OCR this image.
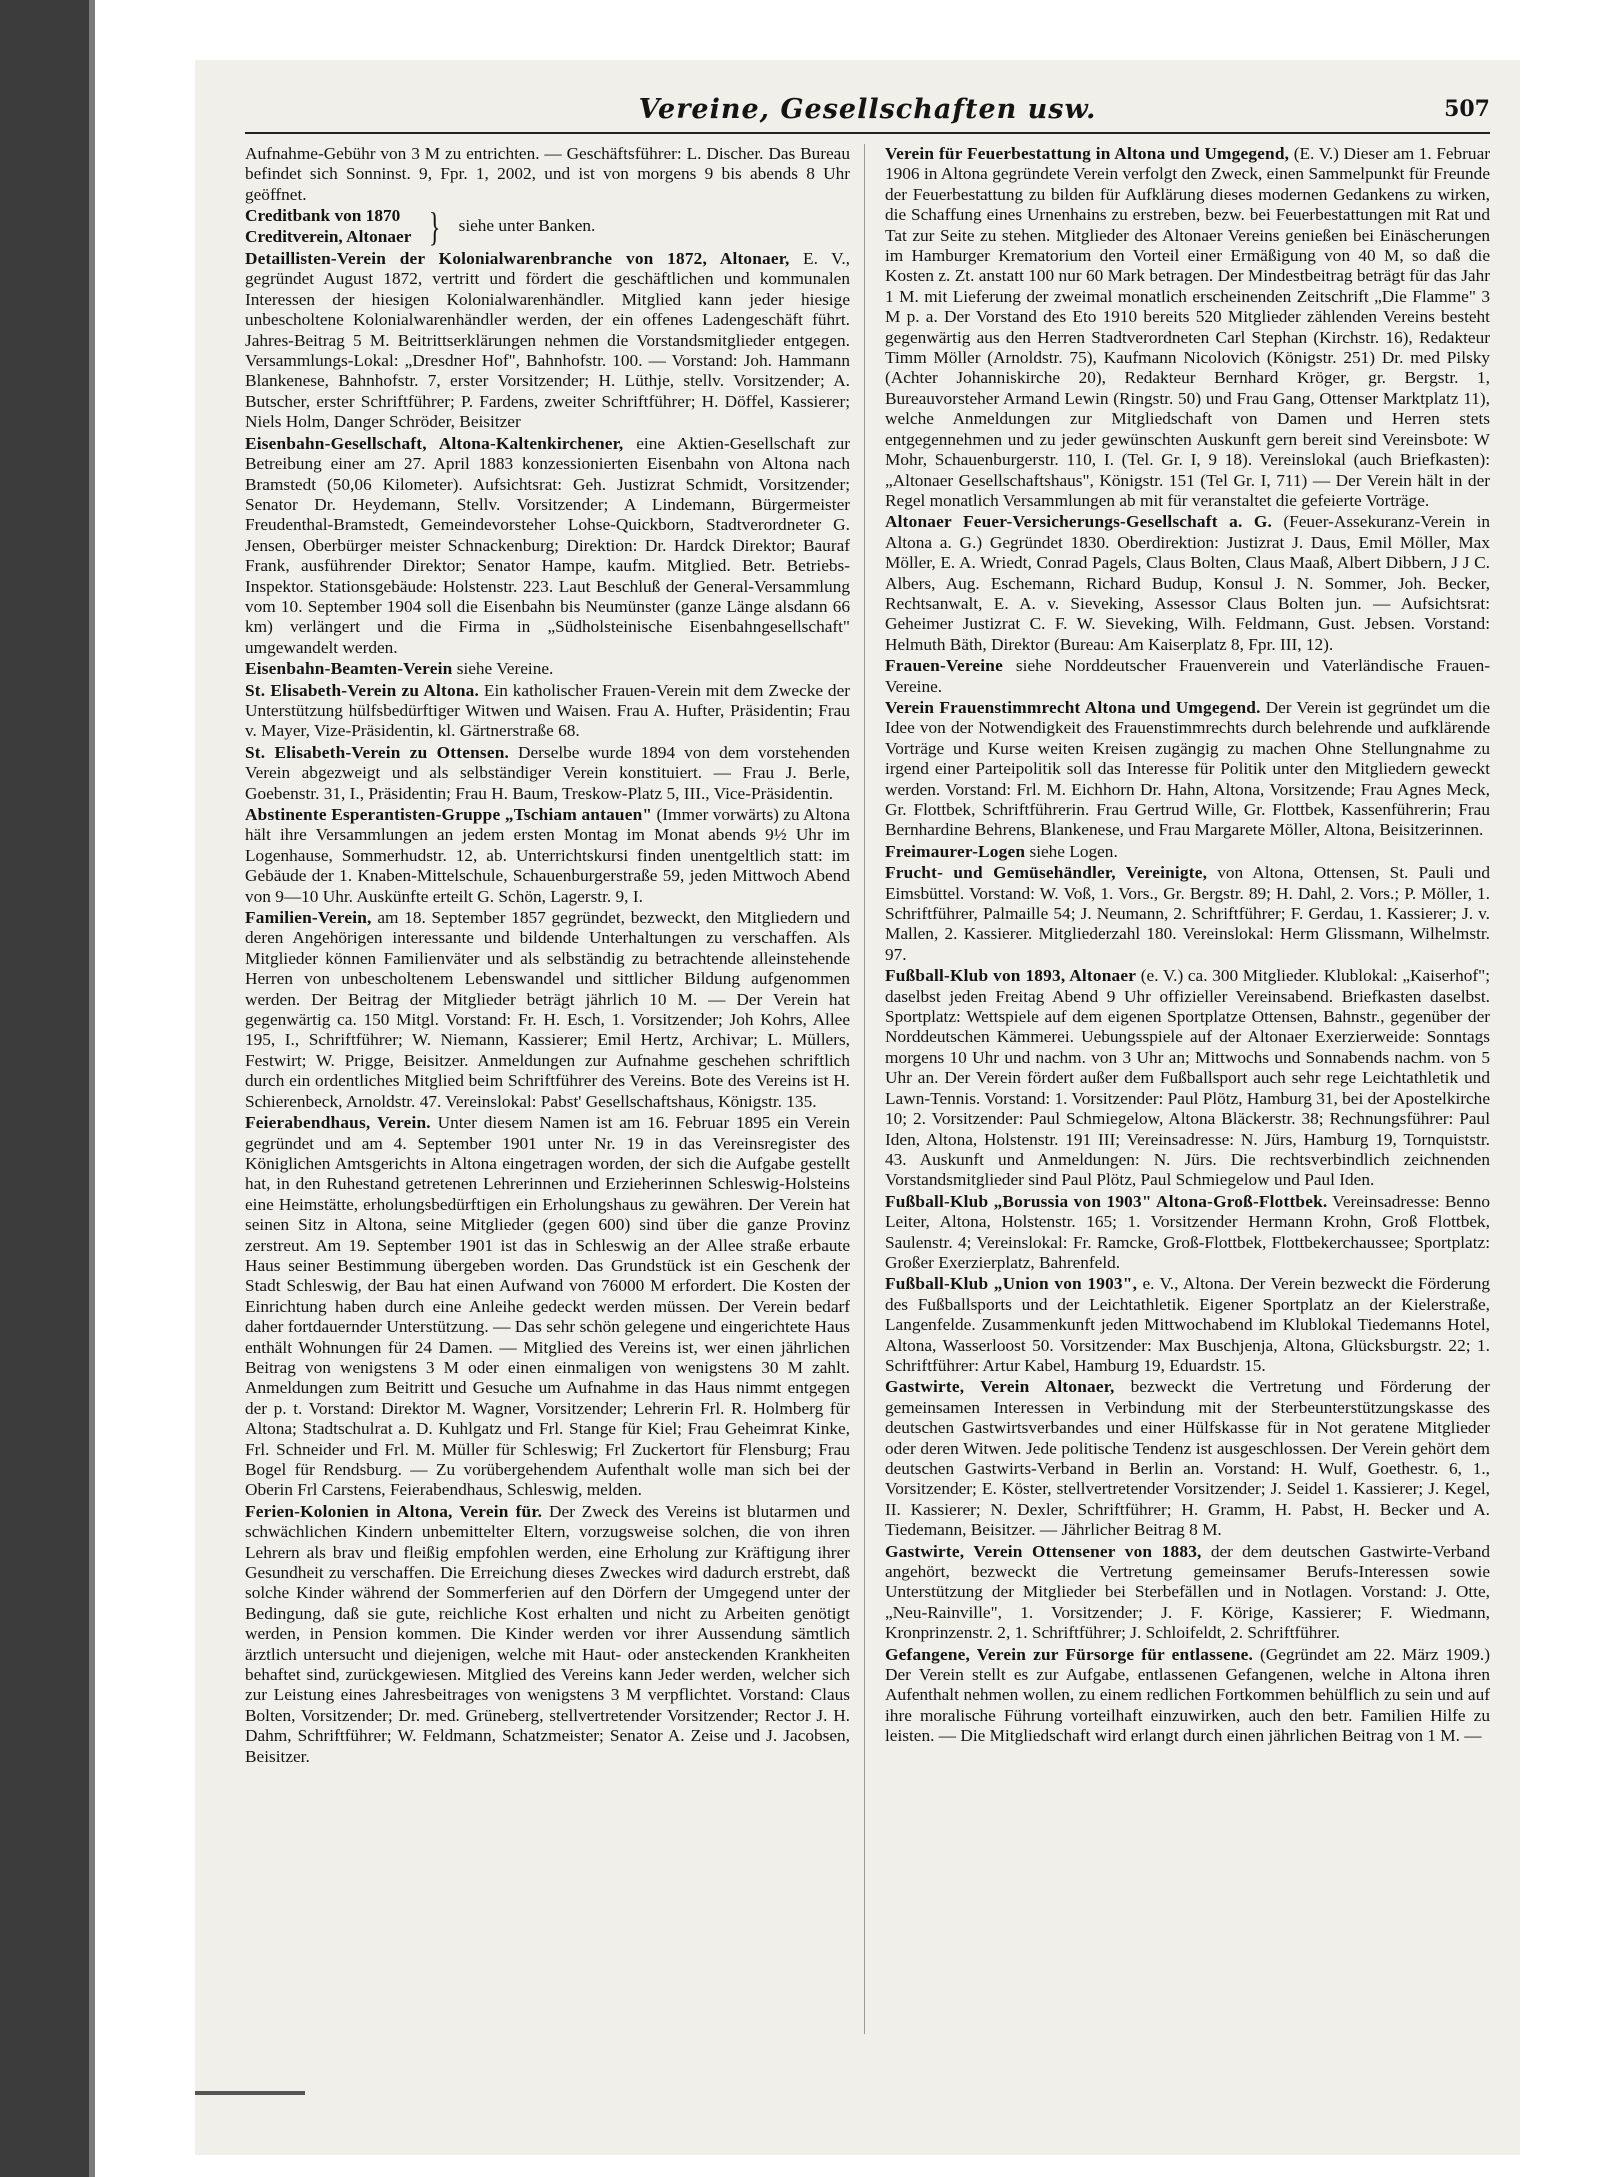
Vereine, Gesellschaften usw.	507

Aufnahme-Gebühr von 3 M zu entrichten. — Geschäftsführer: L. Discher. Das Bureau befindet sich Sonninst. 9, Fpr. 1, 2002, und ist von morgens 9 bis abends 8 Uhr geöffnet.

Creditbank von 1870
Creditverein, Altonaer } siehe unter Banken.

Detaillisten-Verein der Kolonialwarenbranche von 1872, Altonaer, E. V., gegründet August 1872, vertritt und fördert die geschäftlichen und kommunalen Interessen der hiesigen Kolonialwarenhändler. Mitglied kann jeder hiesige unbescholtene Kolonialwarenhändler werden, der ein offenes Ladengeschäft führt. Jahres-Beitrag 5 M. Beitrittserklärungen nehmen die Vorstandsmitglieder entgegen. Versammlungs-Lokal: „Dresdner Hof", Bahnhofstr. 100. — Vorstand: Joh. Hammann Blankenese, Bahnhofstr. 7, erster Vorsitzender; H. Lüthje, stellv. Vorsitzender; A. Butscher, erster Schriftführer; P. Fardens, zweiter Schriftführer; H. Döffel, Kassierer; Niels Holm, Danger Schröder, Beisitzer

Eisenbahn-Gesellschaft, Altona-Kaltenkirchener, eine Aktien-Gesellschaft zur Betreibung einer am 27. April 1883 konzessionierten Eisenbahn von Altona nach Bramstedt (50,06 Kilometer). Aufsichtsrat: Geh. Justizrat Schmidt, Vorsitzender; Senator Dr. Heydemann, Stellv. Vorsitzender; A Lindemann, Bürgermeister Freudenthal-Bramstedt, Gemeindevorsteher Lohse-Quickborn, Stadtverordneter G. Jensen, Oberbürger meister Schnackenburg; Direktion: Dr. Hardck Direktor; Bauraf Frank, ausführender Direktor; Senator Hampe, kaufm. Mitglied. Betr. Betriebs-Inspektor. Stationsgebäude: Holstenstr. 223. Laut Beschluß der General-Versammlung vom 10. September 1904 soll die Eisenbahn bis Neumünster (ganze Länge alsdann 66 km) verlängert und die Firma in „Südholsteinische Eisenbahngesellschaft" umgewandelt werden.

Eisenbahn-Beamten-Verein siehe Vereine.

St. Elisabeth-Verein zu Altona. Ein katholischer Frauen-Verein mit dem Zwecke der Unterstützung hülfsbedürftiger Witwen und Waisen. Frau A. Hufter, Präsidentin; Frau v. Mayer, Vize-Präsidentin, kl. Gärtnerstraße 68.

St. Elisabeth-Verein zu Ottensen. Derselbe wurde 1894 von dem vorstehenden Verein abgezweigt und als selbständiger Verein konstituiert. — Frau J. Berle, Goebenstr. 31, I., Präsidentin; Frau H. Baum, Treskow-Platz 5, III., Vice-Präsidentin.

Abstinente Esperantisten-Gruppe „Tschiam antauen" (Immer vorwärts) zu Altona hält ihre Versammlungen an jedem ersten Montag im Monat abends 9½ Uhr im Logenhause, Sommerhudstr. 12, ab. Unterrichtskursi finden unentgeltlich statt: im Gebäude der 1. Knaben-Mittelschule, Schauenburgerstraße 59, jeden Mittwoch Abend von 9—10 Uhr. Auskünfte erteilt G. Schön, Lagerstr. 9, I.

Familien-Verein, am 18. September 1857 gegründet, bezweckt, den Mitgliedern und deren Angehörigen interessante und bildende Unterhaltungen zu verschaffen. Als Mitglieder können Familienväter und als selbständig zu betrachtende alleinstehende Herren von unbescholtenem Lebenswandel und sittlicher Bildung aufgenommen werden. Der Beitrag der Mitglieder beträgt jährlich 10 M. — Der Verein hat gegenwärtig ca. 150 Mitgl. Vorstand: Fr. H. Esch, 1. Vorsitzender; Joh Kohrs, Allee 195, I., Schriftführer; W. Niemann, Kassierer; Emil Hertz, Archivar; L. Müllers, Festwirt; W. Prigge, Beisitzer. Anmeldungen zur Aufnahme geschehen schriftlich durch ein ordentliches Mitglied beim Schriftführer des Vereins. Bote des Vereins ist H. Schierenbeck, Arnoldstr. 47. Vereinslokal: Pabst' Gesellschaftshaus, Königstr. 135.

Feierabendhaus, Verein. Unter diesem Namen ist am 16. Februar 1895 ein Verein gegründet und am 4. September 1901 unter Nr. 19 in das Vereinsregister des Königlichen Amtsgerichts in Altona eingetragen worden, der sich die Aufgabe gestellt hat, in den Ruhestand getretenen Lehrerinnen und Erzieherinnen Schleswig-Holsteins eine Heimstätte, erholungsbedürftigen ein Erholungshaus zu gewähren. Der Verein hat seinen Sitz in Altona, seine Mitglieder (gegen 600) sind über die ganze Provinz zerstreut. Am 19. September 1901 ist das in Schleswig an der Allee straße erbaute Haus seiner Bestimmung übergeben worden. Das Grundstück ist ein Geschenk der Stadt Schleswig, der Bau hat einen Aufwand von 76000 M erfordert. Die Kosten der Einrichtung haben durch eine Anleihe gedeckt werden müssen. Der Verein bedarf daher fortdauernder Unterstützung. — Das sehr schön gelegene und eingerichtete Haus enthält Wohnungen für 24 Damen. — Mitglied des Vereins ist, wer einen jährlichen Beitrag von wenigstens 3 M oder einen einmaligen von wenigstens 30 M zahlt. Anmeldungen zum Beitritt und Gesuche um Aufnahme in das Haus nimmt entgegen der p. t. Vorstand: Direktor M. Wagner, Vorsitzender; Lehrerin Frl. R. Holmberg für Altona; Stadtschulrat a. D. Kuhlgatz und Frl. Stange für Kiel; Frau Geheimrat Kinke, Frl. Schneider und Frl. M. Müller für Schleswig; Frl Zuckertort für Flensburg; Frau Bogel für Rendsburg. — Zu vorübergehendem Aufenthalt wolle man sich bei der Oberin Frl Carstens, Feierabendhaus, Schleswig, melden.

Ferien-Kolonien in Altona, Verein für. Der Zweck des Vereins ist blutarmen und schwächlichen Kindern unbemittelter Eltern, vorzugsweise solchen, die von ihren Lehrern als brav und fleißig empfohlen werden, eine Erholung zur Kräftigung ihrer Gesundheit zu verschaffen. Die Erreichung dieses Zweckes wird dadurch erstrebt, daß solche Kinder während der Sommerferien auf den Dörfern der Umgegend unter der Bedingung, daß sie gute, reichliche Kost erhalten und nicht zu Arbeiten genötigt werden, in Pension kommen. Die Kinder werden vor ihrer Aussendung sämtlich ärztlich untersucht und diejenigen, welche mit Haut- oder ansteckenden Krankheiten behaftet sind, zurückgewiesen. Mitglied des Vereins kann Jeder werden, welcher sich zur Leistung eines Jahresbeitrages von wenigstens 3 M verpflichtet. Vorstand: Claus Bolten, Vorsitzender; Dr. med. Grüneberg, stellvertretender Vorsitzender; Rector J. H. Dahm, Schriftführer; W. Feldmann, Schatzmeister; Senator A. Zeise und J. Jacobsen, Beisitzer.

Verein für Feuerbestattung in Altona und Umgegend, (E. V.) Dieser am 1. Februar 1906 in Altona gegründete Verein verfolgt den Zweck, einen Sammelpunkt für Freunde der Feuerbestattung zu bilden für Aufklärung dieses modernen Gedankens zu wirken, die Schaffung eines Urnenhains zu erstreben, bezw. bei Feuerbestattungen mit Rat und Tat zur Seite zu stehen. Mitglieder des Altonaer Vereins genießen bei Einäscherungen im Hamburger Krematorium den Vorteil einer Ermäßigung von 40 M, so daß die Kosten z. Zt. anstatt 100 nur 60 Mark betragen. Der Mindestbeitrag beträgt für das Jahr 1 M. mit Lieferung der zweimal monatlich erscheinenden Zeitschrift „Die Flamme" 3 M p. a. Der Vorstand des Eto 1910 bereits 520 Mitglieder zählenden Vereins besteht gegenwärtig aus den Herren Stadtverordneten Carl Stephan (Kirchstr. 16), Redakteur Timm Möller (Arnoldstr. 75), Kaufmann Nicolovich (Königstr. 251) Dr. med Pilsky (Achter Johanniskirche 20), Redakteur Bernhard Kröger, gr. Bergstr. 1, Bureauvorsteher Armand Lewin (Ringstr. 50) und Frau Gang, Ottenser Marktplatz 11), welche Anmeldungen zur Mitgliedschaft von Damen und Herren stets entgegennehmen und zu jeder gewünschten Auskunft gern bereit sind Vereinsbote: W Mohr, Schauenburgerstr. 110, I. (Tel. Gr. I, 9 18). Vereinslokal (auch Briefkasten): „Altonaer Gesellschaftshaus", Königstr. 151 (Tel Gr. I, 711) — Der Verein hält in der Regel monatlich Versammlungen ab mit für veranstaltet die gefeierte Vorträge.

Altonaer Feuer-Versicherungs-Gesellschaft a. G. (Feuer-Assekuranz-Verein in Altona a. G.) Gegründet 1830. Oberdirektion: Justizrat J. Daus, Emil Möller, Max Möller, E. A. Wriedt, Conrad Pagels, Claus Bolten, Claus Maaß, Albert Dibbern, J J C. Albers, Aug. Eschemann, Richard Budup, Konsul J. N. Sommer, Joh. Becker, Rechtsanwalt, E. A. v. Sieveking, Assessor Claus Bolten jun. — Aufsichtsrat: Geheimer Justizrat C. F. W. Sieveking, Wilh. Feldmann, Gust. Jebsen. Vorstand: Helmuth Bäth, Direktor (Bureau: Am Kaiserplatz 8, Fpr. III, 12).

Frauen-Vereine siehe Norddeutscher Frauenverein und Vaterländische Frauen-Vereine.

Verein Frauenstimmrecht Altona und Umgegend. Der Verein ist gegründet um die Idee von der Notwendigkeit des Frauenstimmrechts durch belehrende und aufklärende Vorträge und Kurse weiten Kreisen zugängig zu machen Ohne Stellungnahme zu irgend einer Parteipolitik soll das Interesse für Politik unter den Mitgliedern geweckt werden. Vorstand: Frl. M. Eichhorn Dr. Hahn, Altona, Vorsitzende; Frau Agnes Meck, Gr. Flottbek, Schriftführerin. Frau Gertrud Wille, Gr. Flottbek, Kassenführerin; Frau Bernhardine Behrens, Blankenese, und Frau Margarete Möller, Altona, Beisitzerinnen.

Freimaurer-Logen siehe Logen.

Frucht- und Gemüsehändler, Vereinigte, von Altona, Ottensen, St. Pauli und Eimsbüttel. Vorstand: W. Voß, 1. Vors., Gr. Bergstr. 89; H. Dahl, 2. Vors.; P. Möller, 1. Schriftführer, Palmaille 54; J. Neumann, 2. Schriftführer; F. Gerdau, 1. Kassierer; J. v. Mallen, 2. Kassierer. Mitgliederzahl 180. Vereinslokal: Herm Glissmann, Wilhelmstr. 97.

Fußball-Klub von 1893, Altonaer (e. V.) ca. 300 Mitglieder. Klublokal: „Kaiserhof"; daselbst jeden Freitag Abend 9 Uhr offizieller Vereinsabend. Briefkasten daselbst. Sportplatz: Wettspiele auf dem eigenen Sportplatze Ottensen, Bahnstr., gegenüber der Norddeutschen Kämmerei. Uebungsspiele auf der Altonaer Exerzierweide: Sonntags morgens 10 Uhr und nachm. von 3 Uhr an; Mittwochs und Sonnabends nachm. von 5 Uhr an. Der Verein fördert außer dem Fußballsport auch sehr rege Leichtathletik und Lawn-Tennis. Vorstand: 1. Vorsitzender: Paul Plötz, Hamburg 31, bei der Apostelkirche 10; 2. Vorsitzender: Paul Schmiegelow, Altona Bläckerstr. 38; Rechnungsführer: Paul Iden, Altona, Holstenstr. 191 III; Vereinsadresse: N. Jürs, Hamburg 19, Tornquiststr. 43. Auskunft und Anmeldungen: N. Jürs. Die rechtsverbindlich zeichnenden Vorstandsmitglieder sind Paul Plötz, Paul Schmiegelow und Paul Iden.

Fußball-Klub „Borussia von 1903" Altona-Groß-Flottbek. Vereinsadresse: Benno Leiter, Altona, Holstenstr. 165; 1. Vorsitzender Hermann Krohn, Groß Flottbek, Saulenstr. 4; Vereinslokal: Fr. Ramcke, Groß-Flottbek, Flottbekerchaussee; Sportplatz: Großer Exerzierplatz, Bahrenfeld.

Fußball-Klub „Union von 1903", e. V., Altona. Der Verein bezweckt die Förderung des Fußballsports und der Leichtathletik. Eigener Sportplatz an der Kielerstraße, Langenfelde. Zusammenkunft jeden Mittwochabend im Klublokal Tiedemanns Hotel, Altona, Wasserloost 50. Vorsitzender: Max Buschjenja, Altona, Glücksburgstr. 22; 1. Schriftführer: Artur Kabel, Hamburg 19, Eduardstr. 15.

Gastwirte, Verein Altonaer, bezweckt die Vertretung und Förderung der gemeinsamen Interessen in Verbindung mit der Sterbeunterstützungskasse des deutschen Gastwirtsverbandes und einer Hülfskasse für in Not geratene Mitglieder oder deren Witwen. Jede politische Tendenz ist ausgeschlossen. Der Verein gehört dem deutschen Gastwirts-Verband in Berlin an. Vorstand: H. Wulf, Goethestr. 6, 1., Vorsitzender; E. Köster, stellvertretender Vorsitzender; J. Seidel 1. Kassierer; J. Kegel, II. Kassierer; N. Dexler, Schriftführer; H. Gramm, H. Pabst, H. Becker und A. Tiedemann, Beisitzer. — Jährlicher Beitrag 8 M.

Gastwirte, Verein Ottensener von 1883, der dem deutschen Gastwirte-Verband angehört, bezweckt die Vertretung gemeinsamer Berufs-Interessen sowie Unterstützung der Mitglieder bei Sterbefällen und in Notlagen. Vorstand: J. Otte, „Neu-Rainville", 1. Vorsitzender; J. F. Körige, Kassierer; F. Wiedmann, Kronprinzenstr. 2, 1. Schriftführer; J. Schloifeldt, 2. Schriftführer.

Gefangene, Verein zur Fürsorge für entlassene. (Gegründet am 22. März 1909.) Der Verein stellt es zur Aufgabe, entlassenen Gefangenen, welche in Altona ihren Aufenthalt nehmen wollen, zu einem redlichen Fortkommen behülflich zu sein und auf ihre moralische Führung vorteilhaft einzuwirken, auch den betr. Familien Hilfe zu leisten. — Die Mitgliedschaft wird erlangt durch einen jährlichen Beitrag von 1 M. —
